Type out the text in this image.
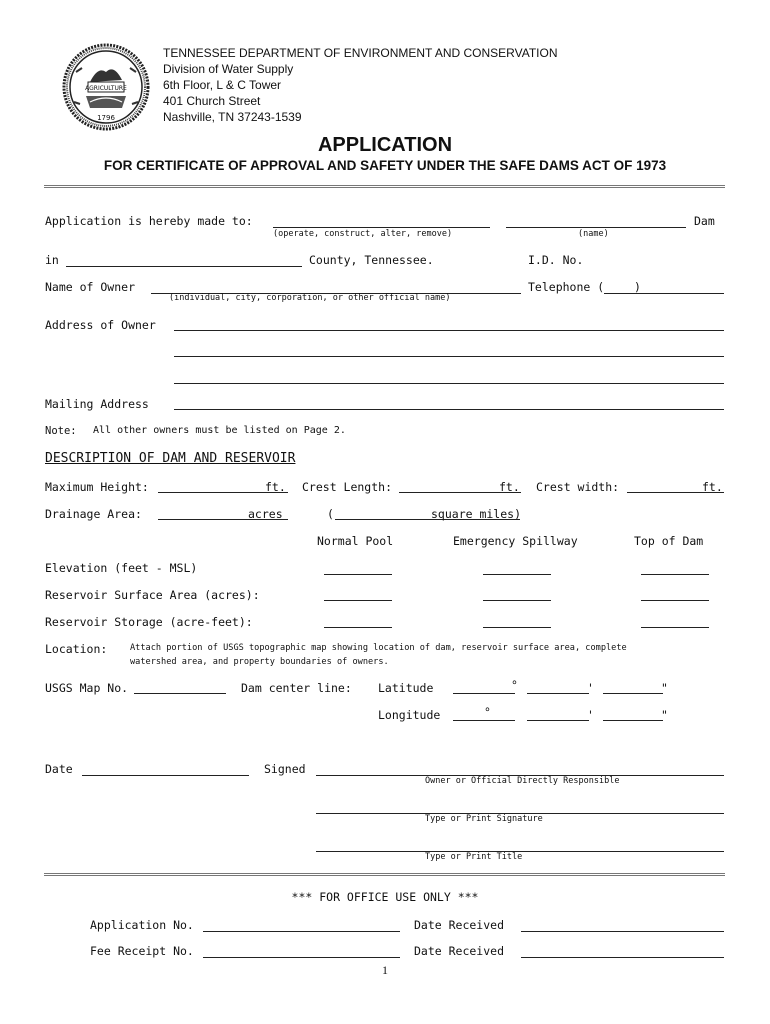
AGRICULTURE
1796
TENNESSEE DEPARTMENT OF ENVIRONMENT AND CONSERVATION
Division of Water Supply
6th Floor, L & C Tower
401 Church Street
Nashville, TN 37243-1539
APPLICATION
FOR CERTIFICATE OF APPROVAL AND SAFETY UNDER THE SAFE DAMS ACT OF 1973
Application is hereby made to:
(operate, construct, alter, remove)	(name)
Dam
in	County, Tennessee.	I.D. No.
Name of Owner
(individual, city, corporation, or other official name)
Telephone (	)
Address of Owner
Mailing Address
Note: All other owners must be listed on Page 2.
DESCRIPTION OF DAM AND RESERVOIR
Maximum Height:	ft. Crest Length:	ft. Crest width:	ft.
Drainage Area:	acres	(	square miles)
Normal Pool	Emergency Spillway	Top of Dam
Elevation (feet - MSL)
Reservoir Surface Area (acres):
Reservoir Storage (acre-feet):
Location:	Attach portion of USGS topographic map showing location of dam, reservoir surface area, complete
watershed area, and property boundaries of owners.
USGS Map No.	Dam center line: Latitude	°	'	"
Longitude	°	'	"
Date	Signed
Owner or Official Directly Responsible
Type or Print Signature
Type or Print Title
*** FOR OFFICE USE ONLY ***
Application No.	Date Received
Fee Receipt No.	Date Received
1
